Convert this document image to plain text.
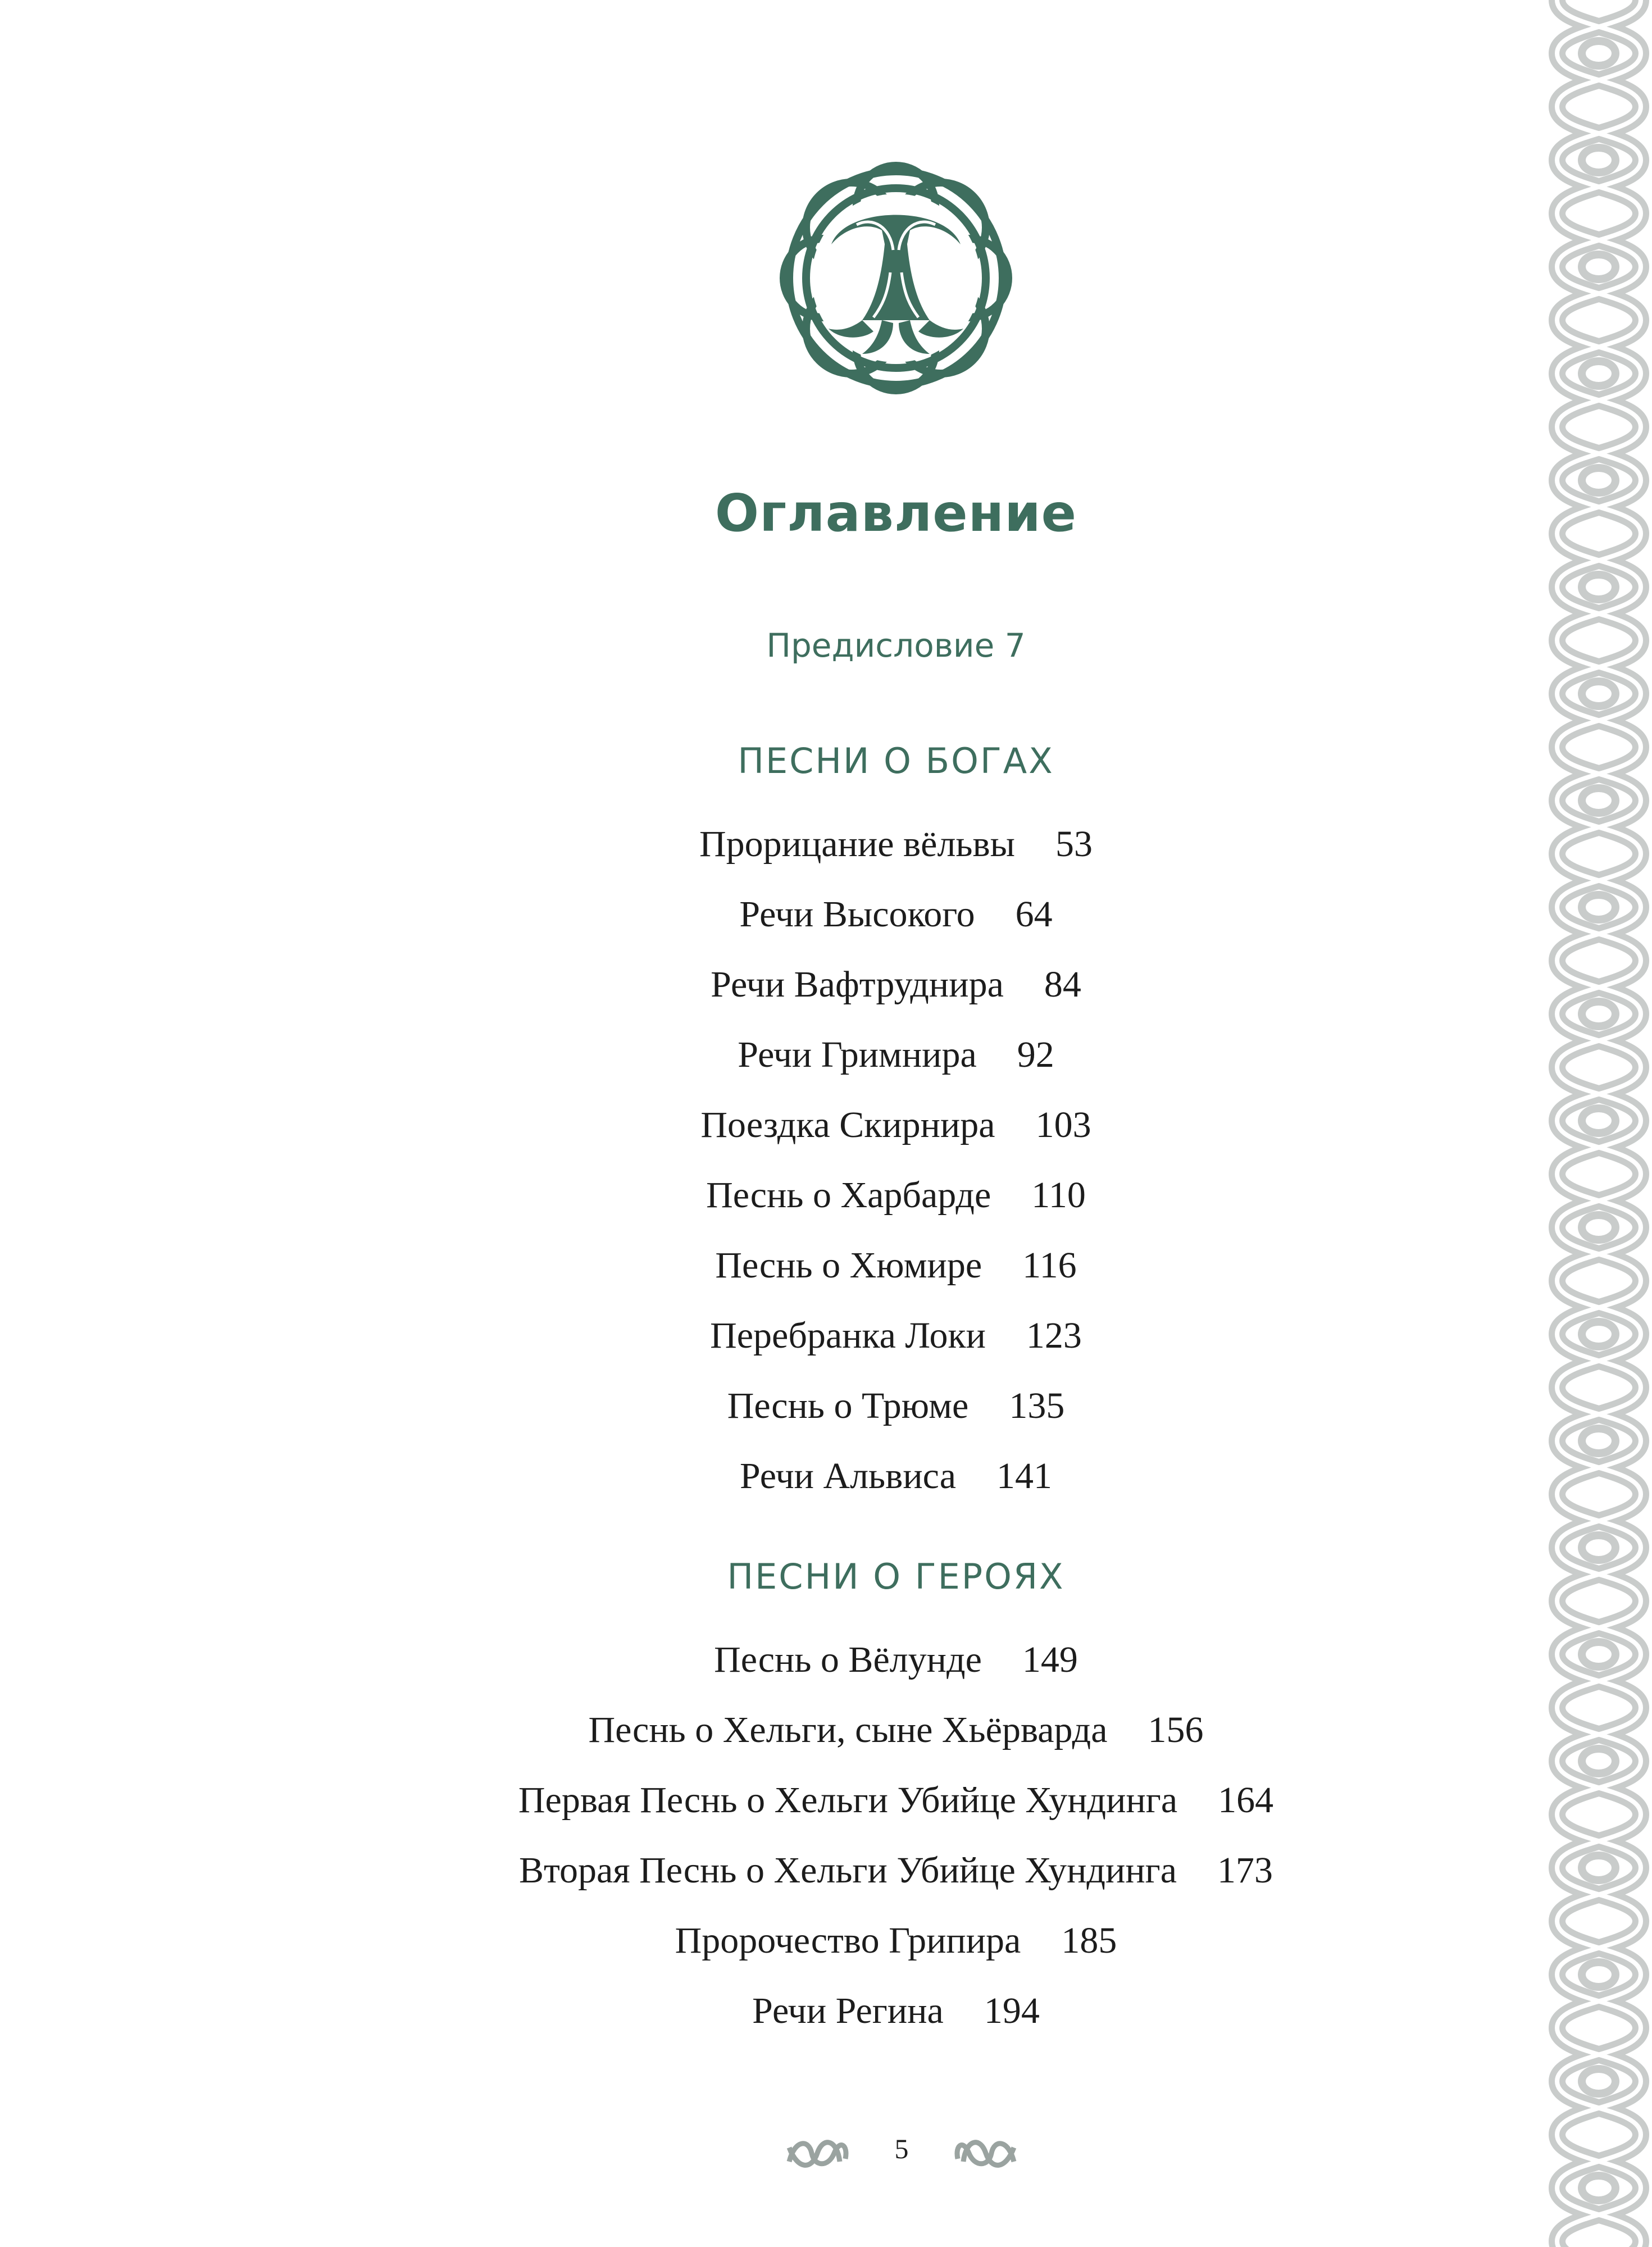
Оглавление
Предисловие 7
ПЕСНИ О БОГАХ
Прорицание вёльвы 53
Речи Высокого 64
Речи Вафтруднира 84
Речи Гримнира 92
Поездка Скирнира 103
Песнь о Харбарде 110
Песнь о Хюмире 116
Перебранка Локи 123
Песнь о Трюме 135
Речи Альвиса 141
ПЕСНИ О ГЕРОЯХ
Песнь о Вёлунде 149
Песнь о Хельги, сыне Хьёрварда 156
Первая Песнь о Хельги Убийце Хундинга 164
Вторая Песнь о Хельги Убийце Хундинга 173
Пророчество Грипира 185
Речи Регина 194
5
